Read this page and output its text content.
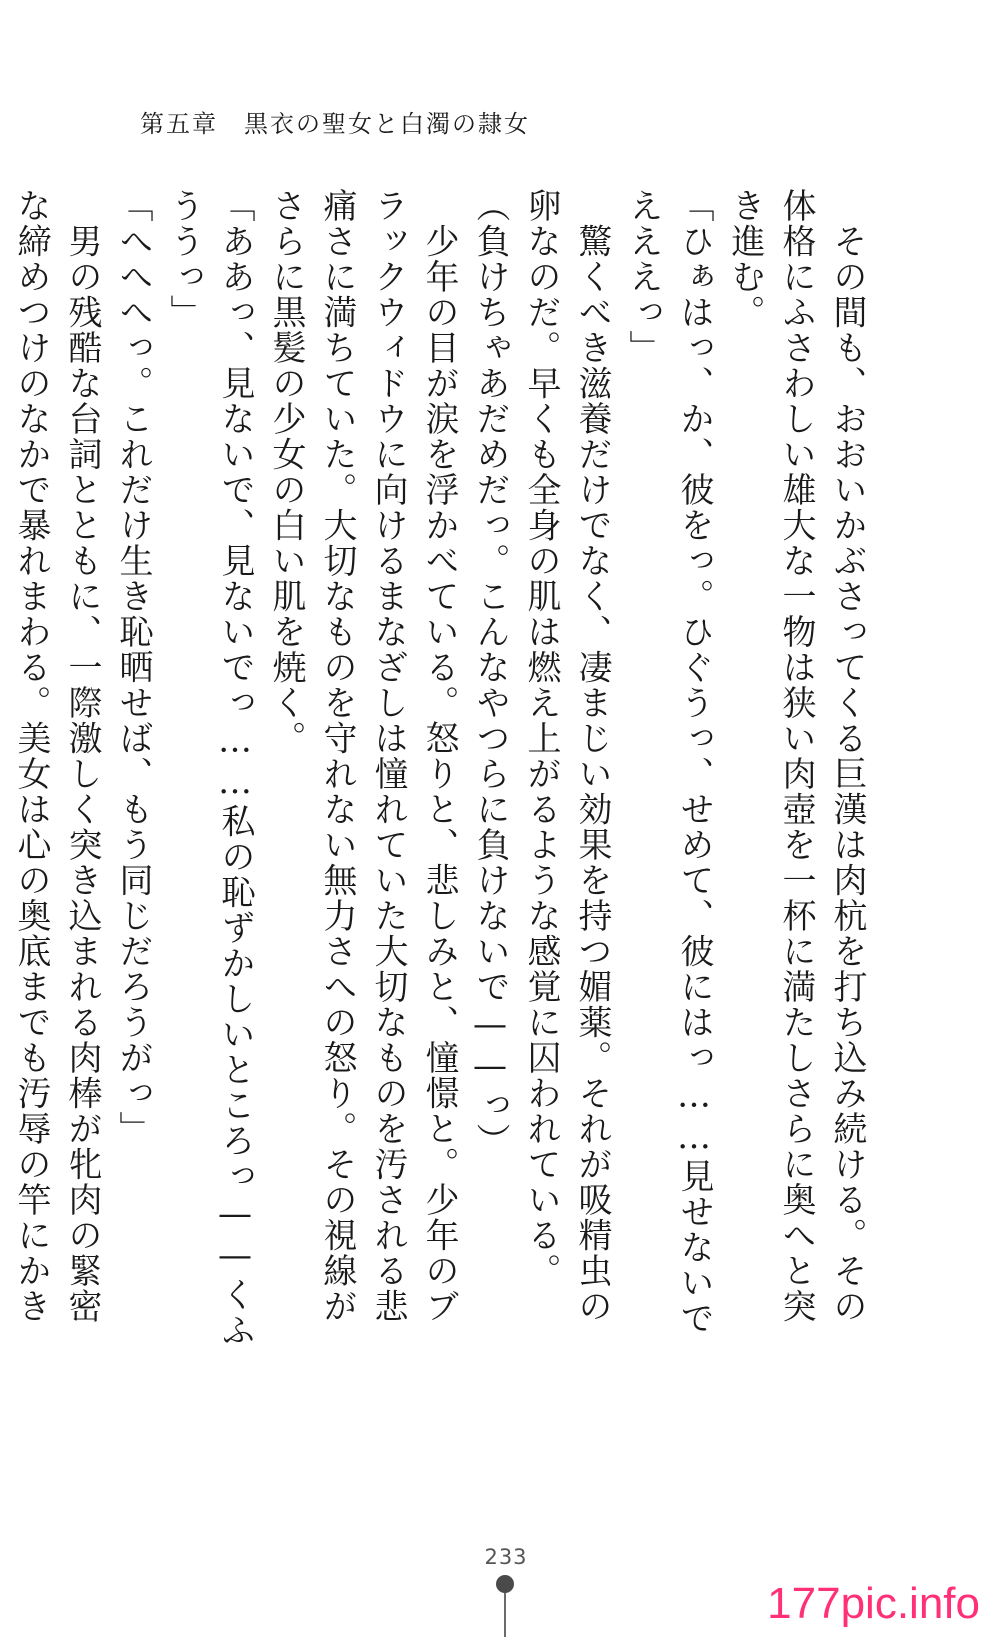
第五章　黒衣の聖女と白濁の隷女

　その間も、おおいかぶさってくる巨漢は肉杭を打ち込み続ける。その体格にふさわしい雄大な一物は狭い肉壺を一杯に満たしさらに奥へと突き進む。

「ひぁはっ、か、彼をっ。ひぐうっ、せめて、彼にはっ……見せないでえええっ」

　驚くべき滋養だけでなく、凄まじい効果を持つ媚薬。それが吸精虫の卵なのだ。早くも全身の肌は燃え上がるような感覚に囚われている。

（負けちゃあだめだっ。こんなやつらに負けないで——っ）

　少年の目が涙を浮かべている。怒りと、悲しみと、憧憬と。少年のブラックウィドウに向けるまなざしは憧れていた大切なものを汚される悲痛さに満ちていた。大切なものを守れない無力さへの怒り。その視線がさらに黒髪の少女の白い肌を焼く。

「ああっ、見ないで、見ないでっ……私の恥ずかしいところっ——くふううっ」

「へへへっ。これだけ生き恥晒せば、もう同じだろうがっ」

　男の残酷な台詞とともに、一際激しく突き込まれる肉棒が牝肉の緊密な締めつけのなかで暴れまわる。美女は心の奥底までも汚辱の竿にかき

233
177pic.info
